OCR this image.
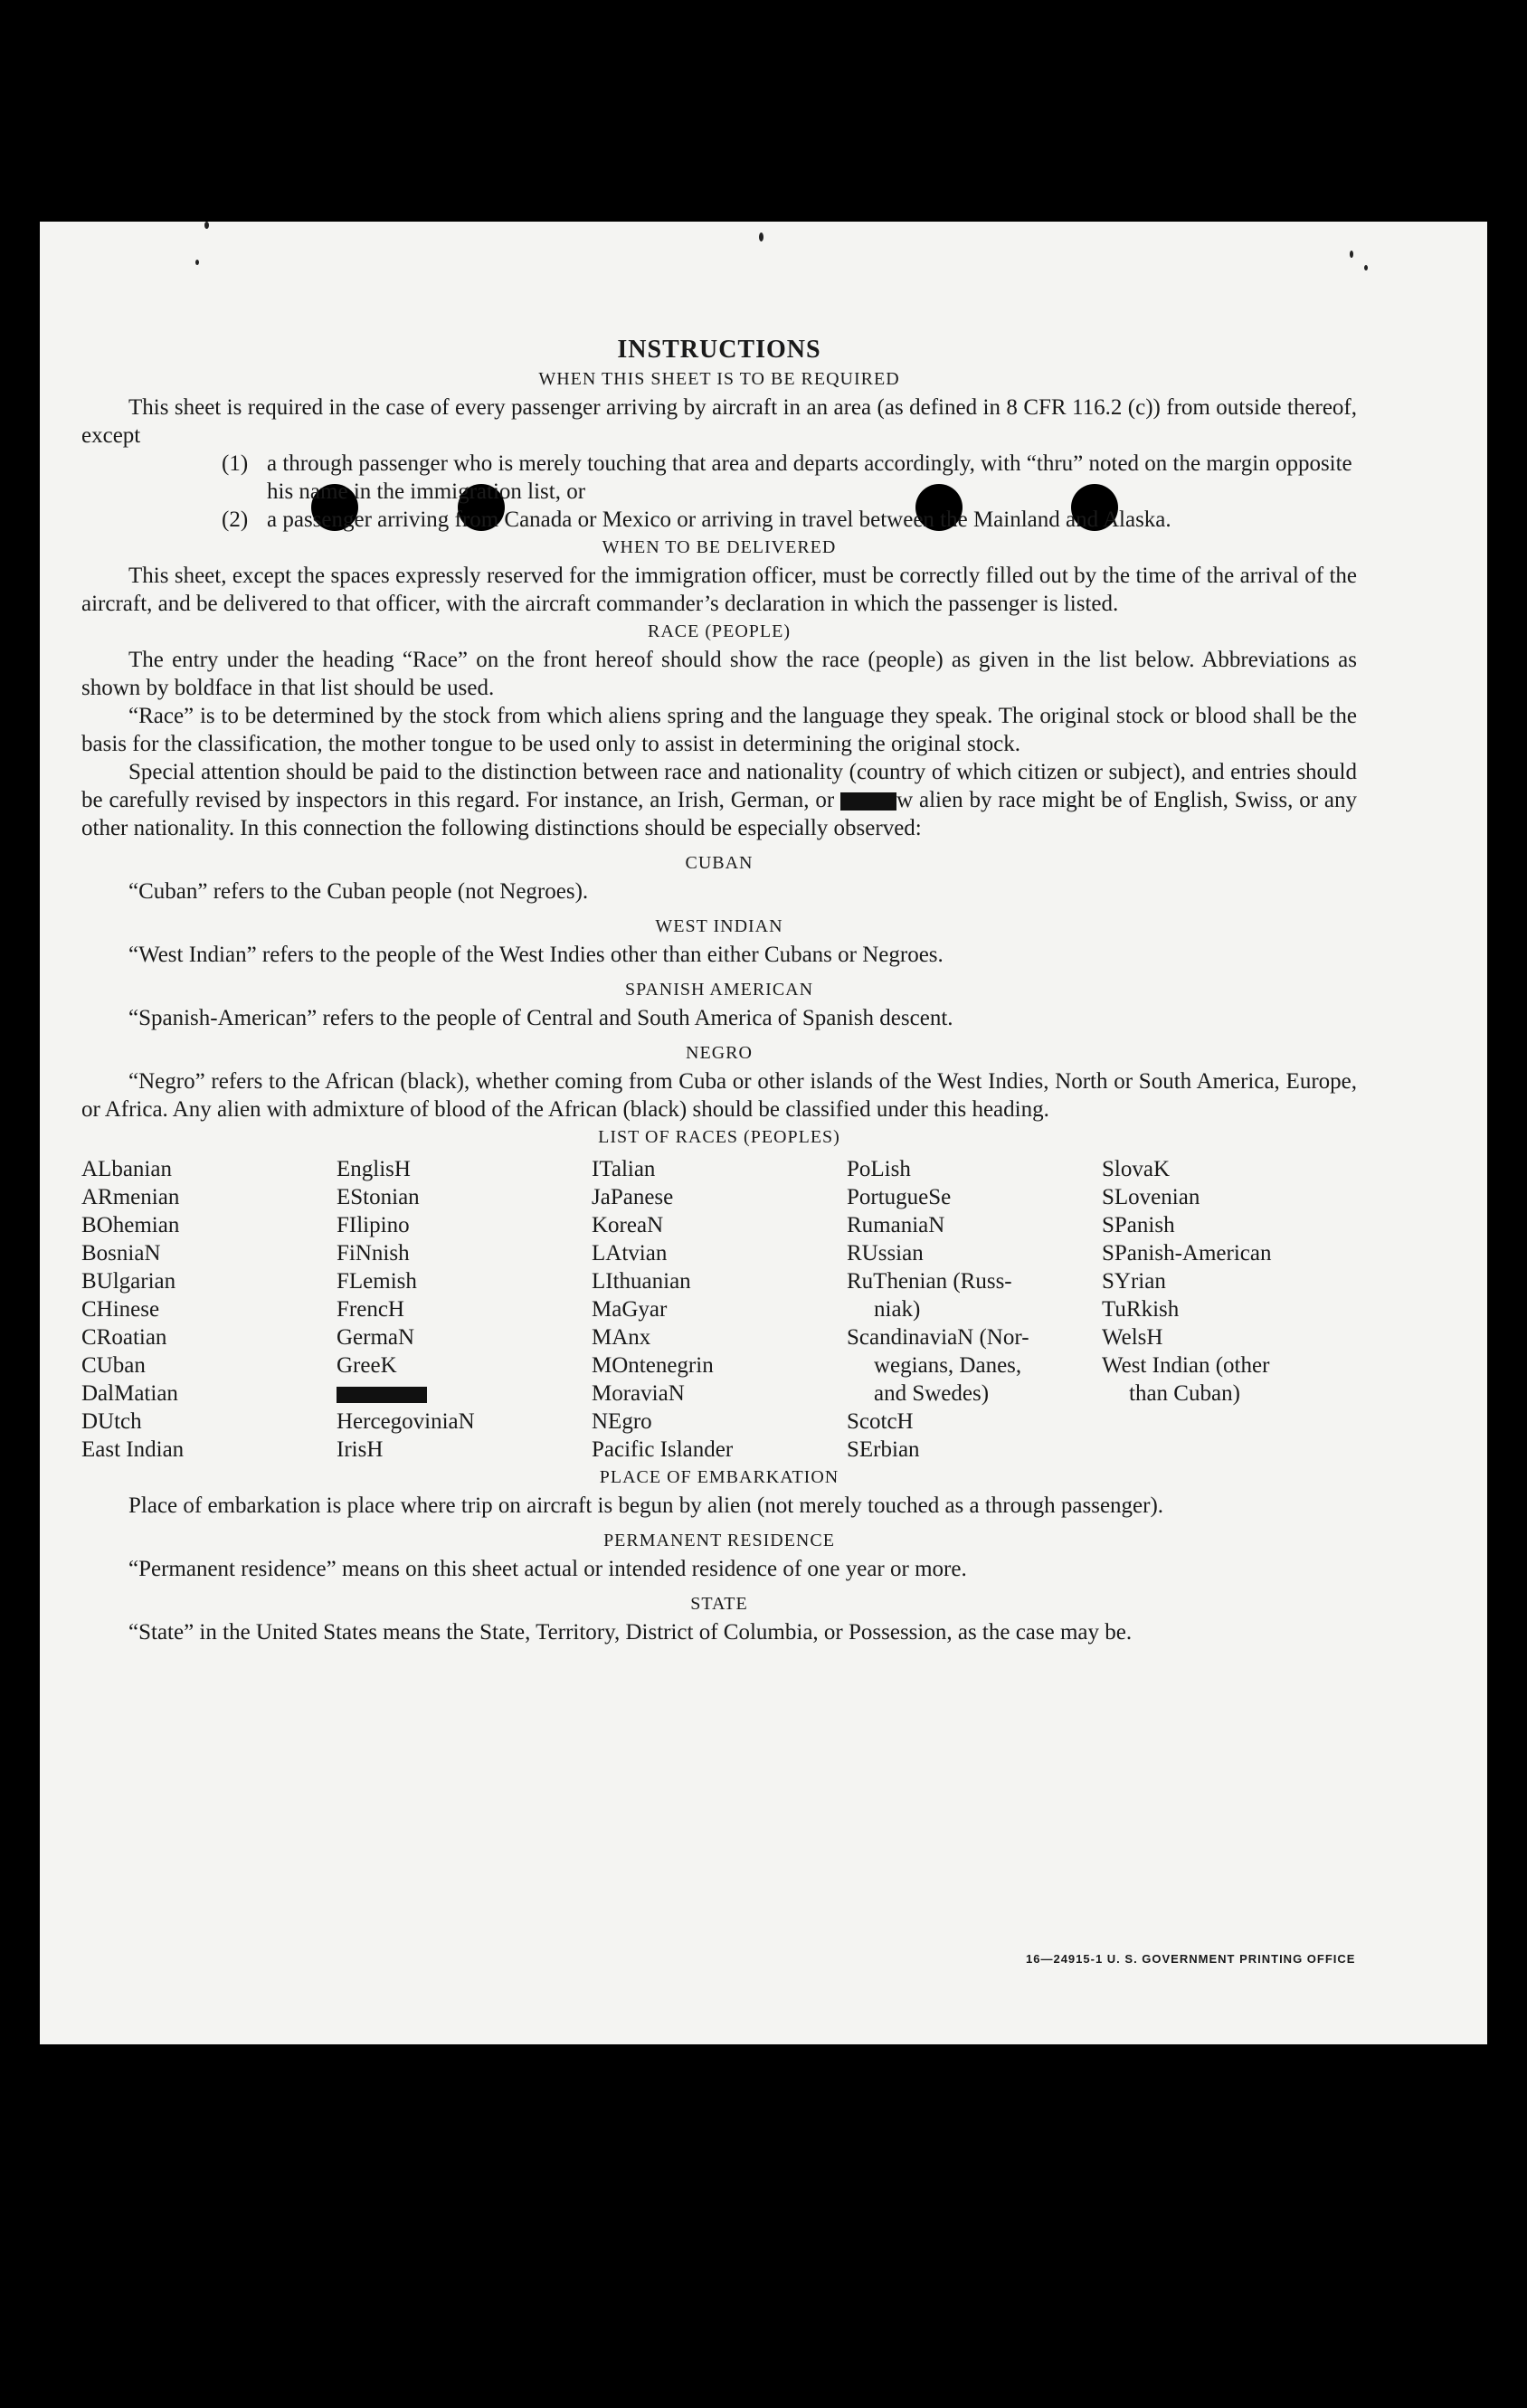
16—24915-1 U. S. GOVERNMENT PRINTING OFFICE
INSTRUCTIONS
WHEN THIS SHEET IS TO BE REQUIRED

This sheet is required in the case of every passenger arriving by aircraft in an area (as defined in 8 CFR 116.2 (c)) from outside thereof, except

(1) a through passenger who is merely touching that area and departs accordingly, with “thru” noted on the margin opposite his name in the immigration list, or
(2) a passenger arriving from Canada or Mexico or arriving in travel between the Mainland and Alaska.
WHEN TO BE DELIVERED

This sheet, except the spaces expressly reserved for the immigration officer, must be correctly filled out by the time of the arrival of the aircraft, and be delivered to that officer, with the aircraft commander’s declaration in which the passenger is listed.

RACE (PEOPLE)

The entry under the heading “Race” on the front hereof should show the race (people) as given in the list below. Abbreviations as shown by boldface in that list should be used.

“Race” is to be determined by the stock from which aliens spring and the language they speak. The original stock or blood shall be the basis for the classification, the mother tongue to be used only to assist in determining the original stock.

Special attention should be paid to the distinction between race and nationality (country of which citizen or subject), and entries should be carefully revised by inspectors in this regard. For instance, an Irish, German, or	w alien by race might be of English, Swiss, or any other nationality. In this connection the following distinctions should be especially observed:

CUBAN

“Cuban” refers to the Cuban people (not Negroes).

WEST INDIAN

“West Indian” refers to the people of the West Indies other than either Cubans or Negroes.

SPANISH AMERICAN

“Spanish-American” refers to the people of Central and South America of Spanish descent.

NEGRO

“Negro” refers to the African (black), whether coming from Cuba or other islands of the West Indies, North or South America, Europe, or Africa. Any alien with admixture of blood of the African (black) should be classified under this heading.

LIST OF RACES (PEOPLES)
ALbanian
ARmenian
BOhemian
BosniaN
BUlgarian
CHinese
CRoatian
CUban
DalMatian
DUtch
East Indian
EnglisH
EStonian
FIlipino
FiNnish
FLemish
FrencH
GermaN
GreeK
HercegoviniaN
IrisH
ITalian
JaPanese
KoreaN
LAtvian
LIthuanian
MaGyar
MAnx
MOntenegrin
MoraviaN
NEgro
Pacific Islander
PoLish
PortugueSe
RumaniaN
RUssian
RuThenian (Russ-
niak)
ScandinaviaN (Nor-
wegians, Danes,
and Swedes)
ScotcH
SErbian
SlovaK
SLovenian
SPanish
SPanish-American
SYrian
TuRkish
WelsH
West Indian (other
than Cuban)
PLACE OF EMBARKATION

Place of embarkation is place where trip on aircraft is begun by alien (not merely touched as a through passenger).

PERMANENT RESIDENCE

“Permanent residence” means on this sheet actual or intended residence of one year or more.

STATE

“State” in the United States means the State, Territory, District of Columbia, or Possession, as the case may be.
